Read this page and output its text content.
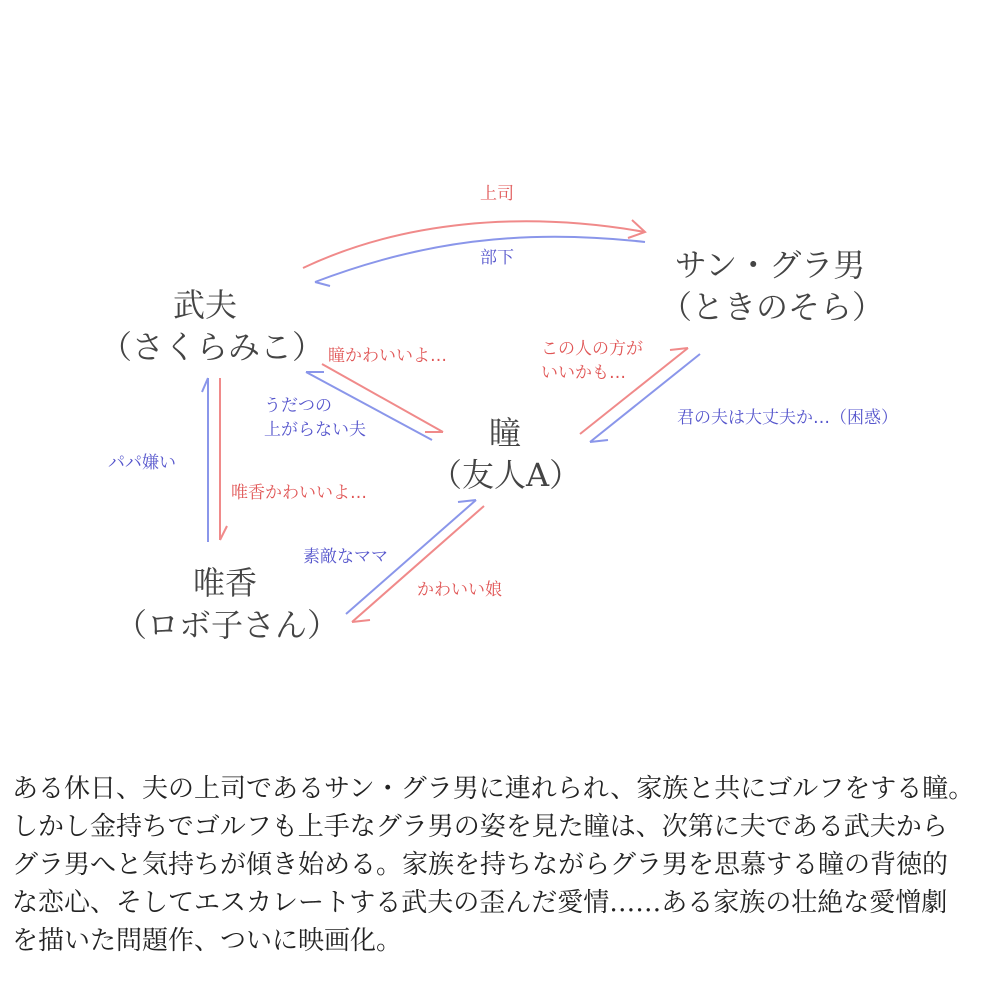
武夫
（さくらみこ）
サン・グラ男
（ときのそら）
瞳
（友人A）
唯香
（ロボ子さん）
上司
部下
瞳かわいいよ…
うだつの
上がらない夫
この人の方が
いいかも…
君の夫は大丈夫か…（困惑）
パパ嫌い
唯香かわいいよ…
素敵なママ
かわいい娘
ある休日、夫の上司であるサン・グラ男に連れられ、家族と共にゴルフをする瞳。
しかし金持ちでゴルフも上手なグラ男の姿を見た瞳は、次第に夫である武夫から
グラ男へと気持ちが傾き始める。家族を持ちながらグラ男を思慕する瞳の背徳的
な恋心、そしてエスカレートする武夫の歪んだ愛情……ある家族の壮絶な愛憎劇
を描いた問題作、ついに映画化。
